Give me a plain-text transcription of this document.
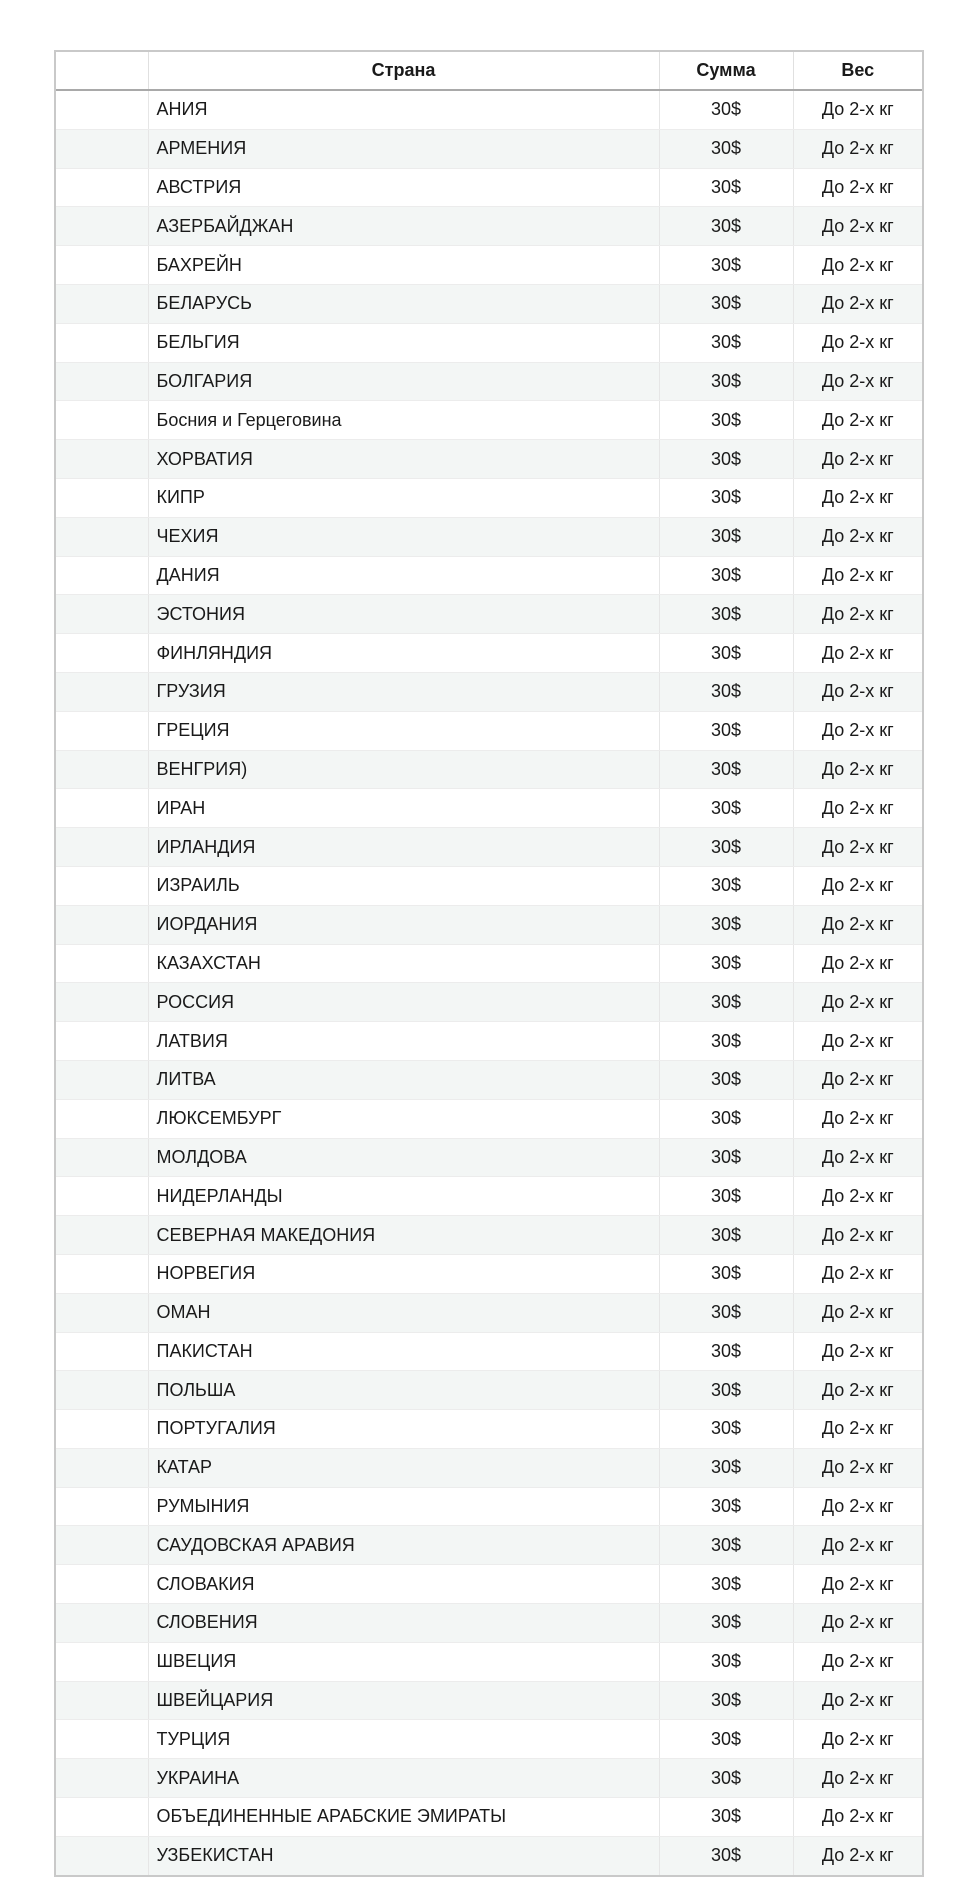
	Страна	Сумма	Вес
	АНИЯ	30$	До 2-х кг
	АРМЕНИЯ	30$	До 2-х кг
	АВСТРИЯ	30$	До 2-х кг
	АЗЕРБАЙДЖАН	30$	До 2-х кг
	БАХРЕЙН	30$	До 2-х кг
	БЕЛАРУСЬ	30$	До 2-х кг
	БЕЛЬГИЯ	30$	До 2-х кг
	БОЛГАРИЯ	30$	До 2-х кг
	Босния и Герцеговина	30$	До 2-х кг
	ХОРВАТИЯ	30$	До 2-х кг
	КИПР	30$	До 2-х кг
	ЧЕХИЯ	30$	До 2-х кг
	ДАНИЯ	30$	До 2-х кг
	ЭСТОНИЯ	30$	До 2-х кг
	ФИНЛЯНДИЯ	30$	До 2-х кг
	ГРУЗИЯ	30$	До 2-х кг
	ГРЕЦИЯ	30$	До 2-х кг
	ВЕНГРИЯ)	30$	До 2-х кг
	ИРАН	30$	До 2-х кг
	ИРЛАНДИЯ	30$	До 2-х кг
	ИЗРАИЛЬ	30$	До 2-х кг
	ИОРДАНИЯ	30$	До 2-х кг
	КАЗАХСТАН	30$	До 2-х кг
	РОССИЯ	30$	До 2-х кг
	ЛАТВИЯ	30$	До 2-х кг
	ЛИТВА	30$	До 2-х кг
	ЛЮКСЕМБУРГ	30$	До 2-х кг
	МОЛДОВА	30$	До 2-х кг
	НИДЕРЛАНДЫ	30$	До 2-х кг
	СЕВЕРНАЯ МАКЕДОНИЯ	30$	До 2-х кг
	НОРВЕГИЯ	30$	До 2-х кг
	ОМАН	30$	До 2-х кг
	ПАКИСТАН	30$	До 2-х кг
	ПОЛЬША	30$	До 2-х кг
	ПОРТУГАЛИЯ	30$	До 2-х кг
	КАТАР	30$	До 2-х кг
	РУМЫНИЯ	30$	До 2-х кг
	САУДОВСКАЯ АРАВИЯ	30$	До 2-х кг
	СЛОВАКИЯ	30$	До 2-х кг
	СЛОВЕНИЯ	30$	До 2-х кг
	ШВЕЦИЯ	30$	До 2-х кг
	ШВЕЙЦАРИЯ	30$	До 2-х кг
	ТУРЦИЯ	30$	До 2-х кг
	УКРАИНА	30$	До 2-х кг
	ОБЪЕДИНЕННЫЕ АРАБСКИЕ ЭМИРАТЫ	30$	До 2-х кг
	УЗБЕКИСТАН	30$	До 2-х кг
